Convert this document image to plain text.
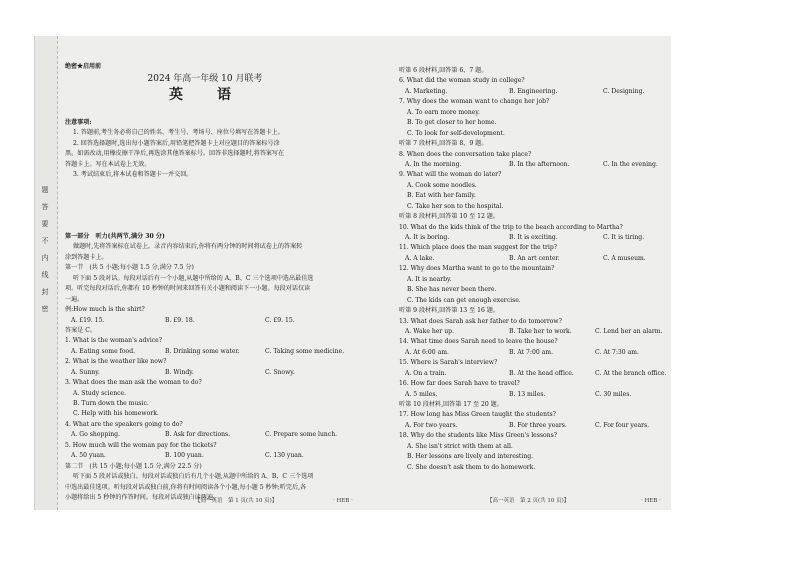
题
答
要
不
内
线
封
密
绝密★启用前
2024 年高一年级 10 月联考
英　语
注意事项:
1. 答题前,考生务必将自己的姓名、考生号、考场号、座位号填写在答题卡上。
2. 回答选择题时,选出每小题答案后,用铅笔把答题卡上对应题目的答案标号涂
黑。如需改动,用橡皮擦干净后,再选涂其他答案标号。回答非选择题时,将答案写在
答题卡上。写在本试卷上无效。
3. 考试结束后,将本试卷和答题卡一并交回。
第一部分　听力(共两节,满分 30 分)
做题时,先将答案标在试卷上。录音内容结束后,你将有两分钟的时间将试卷上的答案转
涂到答题卡上。
第一节　(共 5 小题;每小题 1.5 分,满分 7.5 分)
听下面 5 段对话。每段对话后有一个小题,从题中所给的 A、B、C 三个选项中选出最佳选
项。听完每段对话后,你都有 10 秒钟的时间来回答有关小题和阅读下一小题。每段对话仅读
一遍。
例:How much is the shirt?
A. £19. 15.	B. £9. 18.	C. £9. 15.
答案是 C。
1. What is the woman's advice?
A. Eating some food.	B. Drinking some water.	C. Taking some medicine.
2. What is the weather like now?
A. Sunny.	B. Windy.	C. Snowy.
3. What does the man ask the woman to do?
A. Study science.
B. Turn down the music.
C. Help with his homework.
4. What are the speakers going to do?
A. Go shopping.	B. Ask for directions.	C. Prepare some lunch.
5. How much will the woman pay for the tickets?
A. 50 yuan.	B. 100 yuan.	C. 130 yuan.
第二节　(共 15 小题;每小题 1.5 分,满分 22.5 分)
听下面 5 段对话或独白。每段对话或独白后有几个小题,从题中所给的 A、B、C 三个选项
中选出最佳选项。听每段对话或独白前,你将有时间阅读各个小题,每小题 5 秒钟;听完后,各
小题将给出 5 秒钟的作答时间。每段对话或独白读两遍。
【高一英语　第 1 页(共 10 页)】	· HEB ·
听第 6 段材料,回答第 6、7 题。
6. What did the woman study in college?
A. Marketing.	B. Engineering.	C. Designing.
7. Why does the woman want to change her job?
A. To earn more money.
B. To get closer to her home.
C. To look for self-development.
听第 7 段材料,回答第 8、9 题。
8. When does the conversation take place?
A. In the morning.	B. In the afternoon.	C. In the evening.
9. What will the woman do later?
A. Cook some noodles.
B. Eat with her family.
C. Take her son to the hospital.
听第 8 段材料,回答第 10 至 12 题。
10. What do the kids think of the trip to the beach according to Martha?
A. It is boring.	B. It is exciting.	C. It is tiring.
11. Which place does the man suggest for the trip?
A. A lake.	B. An art center.	C. A museum.
12. Why does Martha want to go to the mountain?
A. It is nearby.
B. She has never been there.
C. The kids can get enough exercise.
听第 9 段材料,回答第 13 至 16 题。
13. What does Sarah ask her father to do tomorrow?
A. Wake her up.	B. Take her to work.	C. Lend her an alarm.
14. What time does Sarah need to leave the house?
A. At 6:00 am.	B. At 7:00 am.	C. At 7:30 am.
15. Where is Sarah's interview?
A. On a train.	B. At the head office.	C. At the branch office.
16. How far does Sarah have to travel?
A. 5 miles.	B. 13 miles.	C. 30 miles.
听第 10 段材料,回答第 17 至 20 题。
17. How long has Miss Green taught the students?
A. For two years.	B. For three years.	C. For four years.
18. Why do the students like Miss Green's lessons?
A. She isn't strict with them at all.
B. Her lessons are lively and interesting.
C. She doesn't ask them to do homework.
【高一英语　第 2 页(共 10 页)】	· HEB ·
